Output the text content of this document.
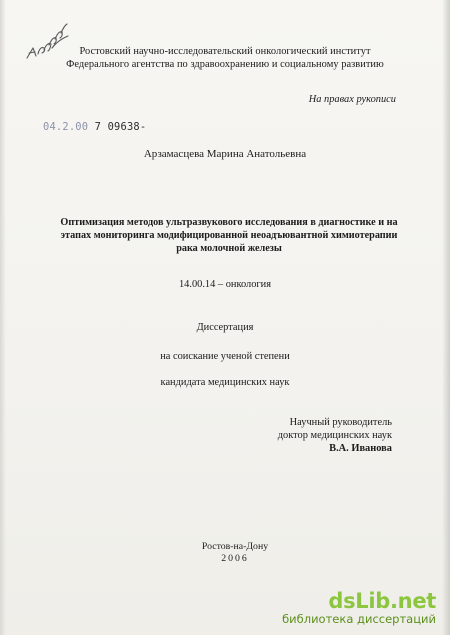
Ростовский научно-исследовательский онкологический институт
Федерального агентства по здравоохранению и социальному развитию
На правах рукописи
04.2.00 7 09638-
Арзамасцева Марина Анатольевна
Оптимизация методов ультразвукового исследования в диагностике и на
этапах мониторинга модифицированной неоадъювантной химиотерапии
рака молочной железы
14.00.14 – онкология
Диссертация
на соискание ученой степени
кандидата медицинских наук
Научный руководитель
доктор медицинских наук
В.А. Иванова
Ростов-на-Дону
2006
dsLib.net
библиотека диссертаций
